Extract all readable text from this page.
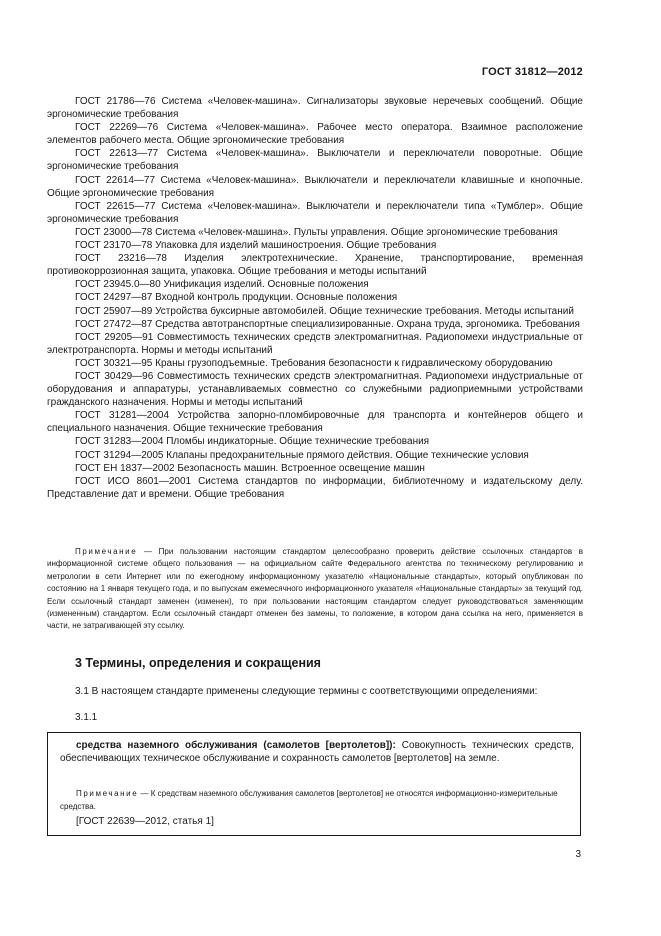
ГОСТ 31812—2012

ГОСТ 21786—76 Система «Человек-машина». Сигнализаторы звуковые неречевых сообщений. Общие эргономические требования

ГОСТ 22269—76 Система «Человек-машина». Рабочее место оператора. Взаимное расположение элементов рабочего места. Общие эргономические требования

ГОСТ 22613—77 Система «Человек-машина». Выключатели и переключатели поворотные. Общие эргономические требования

ГОСТ 22614—77 Система «Человек-машина». Выключатели и переключатели клавишные и кнопочные. Общие эргономические требования

ГОСТ 22615—77 Система «Человек-машина». Выключатели и переключатели типа «Тумблер». Общие эргономические требования

ГОСТ 23000—78 Система «Человек-машина». Пульты управления. Общие эргономические требования

ГОСТ 23170—78 Упаковка для изделий машиностроения. Общие требования

ГОСТ 23216—78 Изделия электротехнические. Хранение, транспортирование, временная противокоррозионная защита, упаковка. Общие требования и методы испытаний

ГОСТ 23945.0—80 Унификация изделий. Основные положения

ГОСТ 24297—87 Входной контроль продукции. Основные положения

ГОСТ 25907—89 Устройства буксирные автомобилей. Общие технические требования. Методы испытаний

ГОСТ 27472—87 Средства автотранспортные специализированные. Охрана труда, эргономика. Требования

ГОСТ 29205—91 Совместимость технических средств электромагнитная. Радиопомехи индустриальные от электротранспорта. Нормы и методы испытаний

ГОСТ 30321—95 Краны грузоподъемные. Требования безопасности к гидравлическому оборудованию

ГОСТ 30429—96 Совместимость технических средств электромагнитная. Радиопомехи индустриальные от оборудования и аппаратуры, устанавливаемых совместно со служебными радиоприемными устройствами гражданского назначения. Нормы и методы испытаний

ГОСТ 31281—2004 Устройства запорно-пломбировочные для транспорта и контейнеров общего и специального назначения. Общие технические требования

ГОСТ 31283—2004 Пломбы индикаторные. Общие технические требования

ГОСТ 31294—2005 Клапаны предохранительные прямого действия. Общие технические условия

ГОСТ ЕН 1837—2002 Безопасность машин. Встроенное освещение машин

ГОСТ ИСО 8601—2001 Система стандартов по информации, библиотечному и издательскому делу. Представление дат и времени. Общие требования

Примечание — При пользовании настоящим стандартом целесообразно проверить действие ссылочных стандартов в информационной системе общего пользования — на официальном сайте Федерального агентства по техническому регулированию и метрологии в сети Интернет или по ежегодному информационному указателю «Национальные стандарты», который опубликован по состоянию на 1 января текущего года, и по выпускам ежемесячного информационного указателя «Национальные стандарты» за текущий год. Если ссылочный стандарт заменен (изменен), то при пользовании настоящим стандартом следует руководствоваться заменяющим (измененным) стандартом. Если ссылочный стандарт отменен без замены, то положение, в котором дана ссылка на него, применяется в части, не затрагивающей эту ссылку.

3 Термины, определения и сокращения

3.1 В настоящем стандарте применены следующие термины с соответствующими определениями:

3.1.1

средства наземного обслуживания (самолетов [вертолетов]): Совокупность технических средств, обеспечивающих техническое обслуживание и сохранность самолетов [вертолетов] на земле.

Примечание — К средствам наземного обслуживания самолетов [вертолетов] не относятся информационно-измерительные средства.

[ГОСТ 22639—2012, статья 1]

3
